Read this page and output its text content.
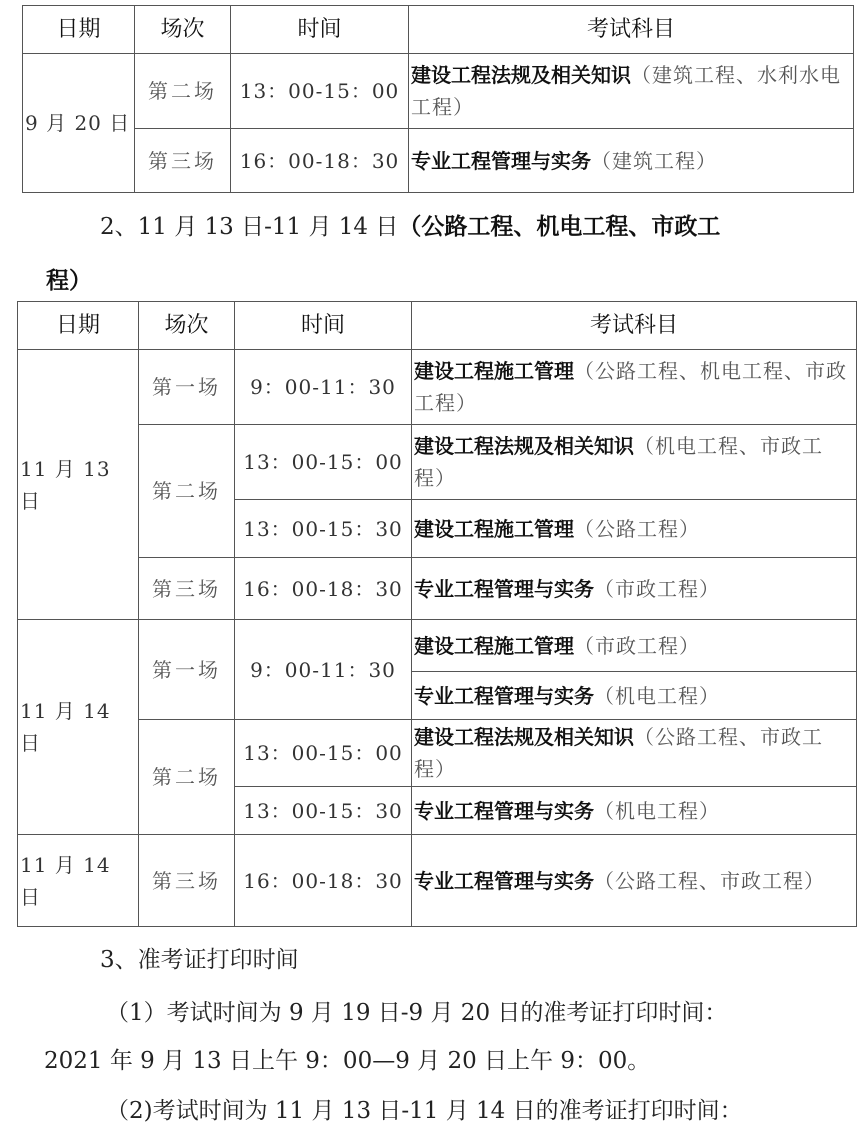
日期	场次	时间	考试科目
9 月 20 日	第二场	13：00-15：00	建设工程法规及相关知识（建筑工程、水利水电工程）
	第三场	16：00-18：30	专业工程管理与实务（建筑工程）
2、11 月 13 日-11 月 14 日（公路工程、机电工程、市政工
程）
日期	场次	时间	考试科目
11 月 13 日	第一场	9：00-11：30	建设工程施工管理（公路工程、机电工程、市政工程）
	第二场	13：00-15：00	建设工程法规及相关知识（机电工程、市政工程）
		13：00-15：30	建设工程施工管理（公路工程）
	第三场	16：00-18：30	专业工程管理与实务（市政工程）
11 月 14 日	第一场	9：00-11：30	建设工程施工管理（市政工程）
			专业工程管理与实务（机电工程）
	第二场	13：00-15：00	建设工程法规及相关知识（公路工程、市政工程）
		13：00-15：30	专业工程管理与实务（机电工程）
11 月 14 日	第三场	16：00-18：30	专业工程管理与实务（公路工程、市政工程）
3、准考证打印时间
（1）考试时间为 9 月 19 日-9 月 20 日的准考证打印时间：
2021 年 9 月 13 日上午 9：00—9 月 20 日上午 9：00。
（2)考试时间为 11 月 13 日-11 月 14 日的准考证打印时间：
